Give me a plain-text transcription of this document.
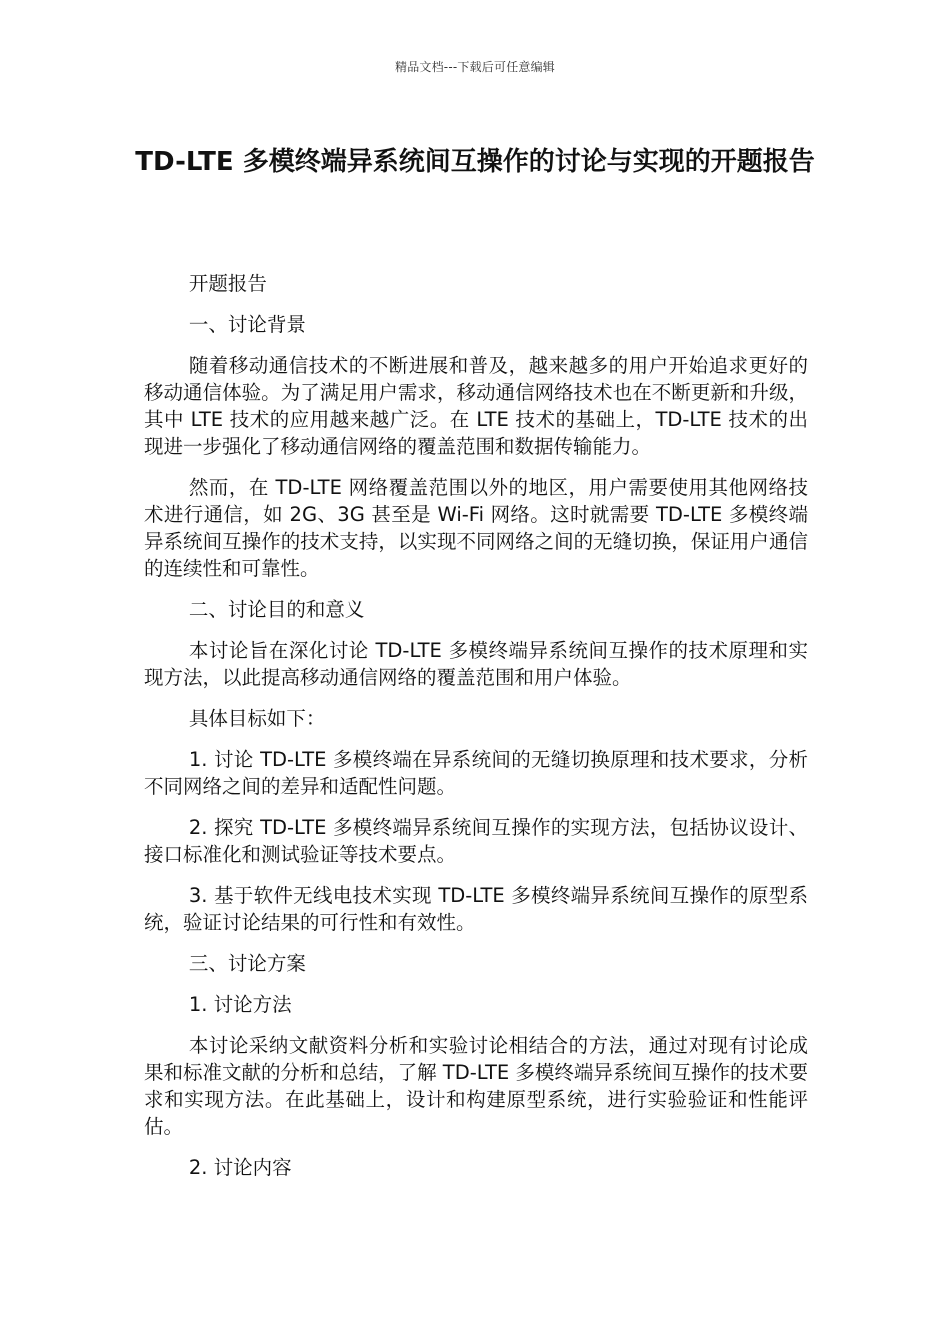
精品文档---下载后可任意编辑
TD-LTE 多模终端异系统间互操作的讨论与实现的开题报告

开题报告

一、讨论背景

随着移动通信技术的不断进展和普及，越来越多的用户开始追求更好的移动通信体验。为了满足用户需求，移动通信网络技术也在不断更新和升级，其中 LTE 技术的应用越来越广泛。在 LTE 技术的基础上，TD-LTE 技术的出现进一步强化了移动通信网络的覆盖范围和数据传输能力。

然而，在 TD-LTE 网络覆盖范围以外的地区，用户需要使用其他网络技术进行通信，如 2G、3G 甚至是 Wi-Fi 网络。这时就需要 TD-LTE 多模终端异系统间互操作的技术支持，以实现不同网络之间的无缝切换，保证用户通信的连续性和可靠性。

二、讨论目的和意义

本讨论旨在深化讨论 TD-LTE 多模终端异系统间互操作的技术原理和实现方法，以此提高移动通信网络的覆盖范围和用户体验。

具体目标如下：

1. 讨论 TD-LTE 多模终端在异系统间的无缝切换原理和技术要求，分析不同网络之间的差异和适配性问题。

2. 探究 TD-LTE 多模终端异系统间互操作的实现方法，包括协议设计、接口标准化和测试验证等技术要点。

3. 基于软件无线电技术实现 TD-LTE 多模终端异系统间互操作的原型系统，验证讨论结果的可行性和有效性。

三、讨论方案

1. 讨论方法

本讨论采纳文献资料分析和实验讨论相结合的方法，通过对现有讨论成果和标准文献的分析和总结，了解 TD-LTE 多模终端异系统间互操作的技术要求和实现方法。在此基础上，设计和构建原型系统，进行实验验证和性能评估。

2. 讨论内容
